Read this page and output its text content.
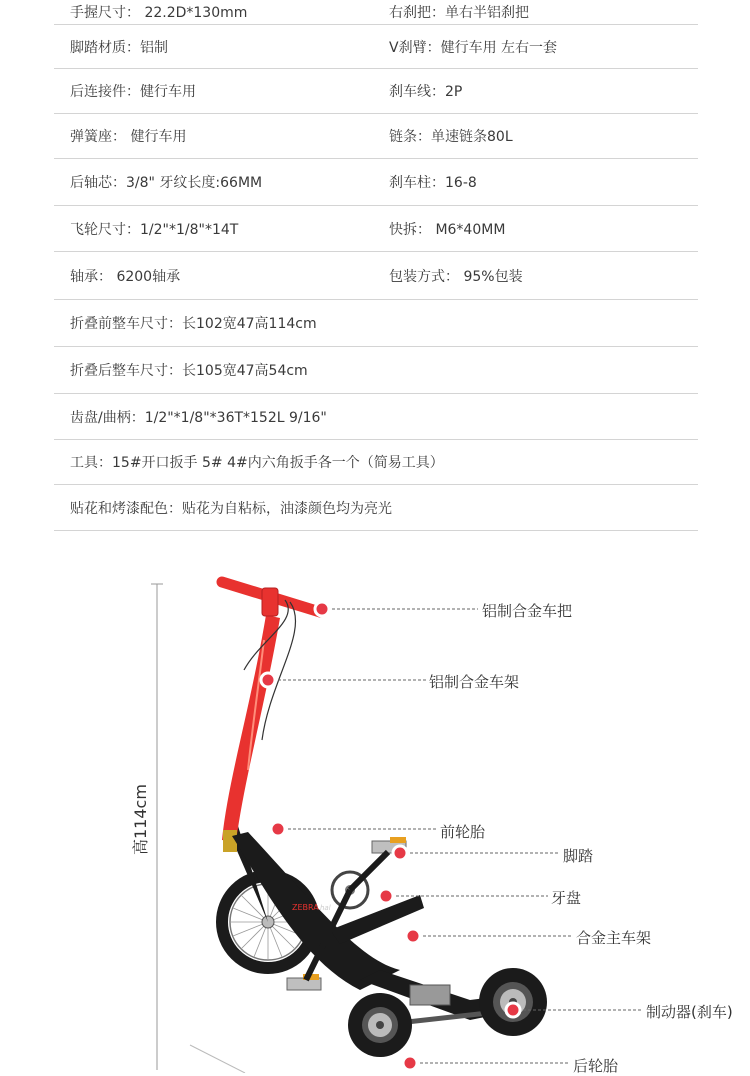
手握尺寸： 22.2D*130mm	右刹把：单右半铝刹把
脚踏材质：铝制	V刹臂：健行车用 左右一套
后连接件：健行车用	刹车线：2P
弹簧座： 健行车用	链条：单速链条80L
后轴芯：3/8" 牙纹长度:66MM	刹车柱：16-8
飞轮尺寸：1/2"*1/8"*14T	快拆： M6*40MM
轴承： 6200轴承	包装方式： 95%包装
折叠前整车尺寸：长102宽47高114cm
折叠后整车尺寸：长105宽47高54cm
齿盘/曲柄：1/2"*1/8"*36T*152L 9/16"
工具：15#开口扳手 5# 4#内六角扳手各一个（简易工具）
贴花和烤漆配色：贴花为自粘标，油漆颜色均为亮光
ZEBRA hal
高114cm
铝制合金车把
铝制合金车架
前轮胎
脚踏
牙盘
合金主车架
制动器(刹车)
后轮胎
